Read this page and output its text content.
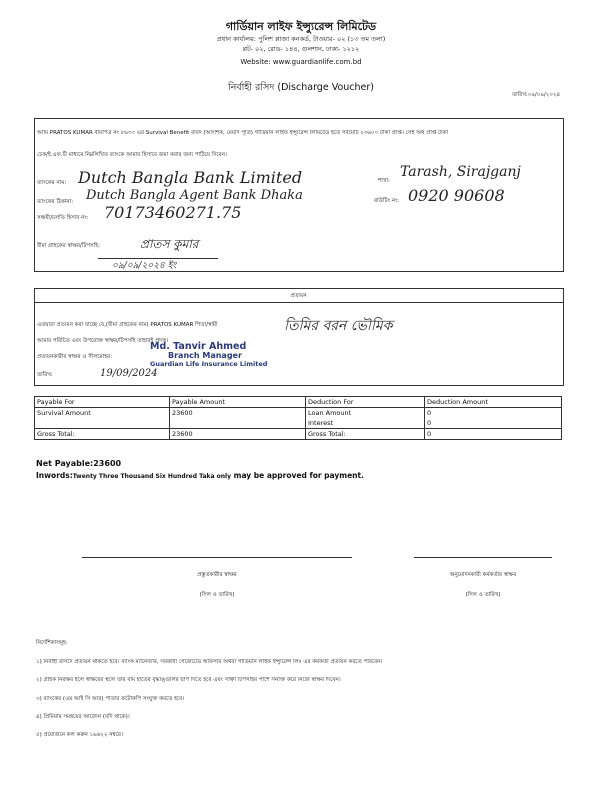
গার্ডিয়ান লাইফ ইন্স্যুরেন্স লিমিটেড
প্রধান কার্যালয়: পুলিশ প্লাজা কনকর্ড, টাওয়ার- ০২ (১৩ তম তলা)
প্লট- ০২, রোড- ১৪৪, গুলশান, ঢাকা- ১২১২
Website: www.guardianlife.com.bd
নির্বাহী রসিদ (Discharge Voucher)
তারিখ:০৯/০৯/২০২৪
আমি PRATOS KUMAR বীমাপত্র নং ৮৬৩৩ এর Survival Benefit বাবদ (আংশিক, মেয়াদ পূর্তি) গার্ডিয়ান লাইফ ইন্স্যুরেন্স লিমিটেড হতে সর্বমোট ২৩৬০০ টাকা প্রাপ্ত। সেই অর্থ প্রাপ্ত টাকা
চেক/ই.এফ.টি মাধ্যমে নিম্নলিখিত ব্যাংকে আমার হিসাবে জমা করার জন্য পাঠিয়ে দিবেন।
ব্যাংকের নাম: Dutch Bangla Bank Limited	শাখা:
Tarash, Sirajganj
ব্যাংকের ঠিকানা: Dutch Bangla Agent Bank Dhaka	রাউটিং নং: 0920 90608
সঞ্চয়ী/চলতি হিসাব নং: 70173460271.75
বীমা গ্রাহকের স্বাক্ষর/টিপসহি:	প্রাতস কুমার
০৯/০৯/২০২৪ ইং
প্রত্যয়ন
এতদ্বারা প্রত্যয়ন করা যাচ্ছে যে,(বীমা গ্রাহকের নাম) PRATOS KUMAR পিতা/স্বামী	তিমির বরন ভৌমিক
আমার পরিচিত এবং উপরোক্ত স্বাক্ষর/টিপসহি তাহারই প্রদত্ত।
প্রত্যয়নকারীর স্বাক্ষর ও সীলমোহর:
Md. Tanvir Ahmed
Branch Manager
Guardian Life Insurance Limited
তারিখ:	19/09/2024
Payable For	Payable Amount	Deduction For	Deduction Amount
Survival Amount	23600	Loan Amount	0
		Interest	0
Gross Total:	23600	Gross Total:	0
Net Payable:23600
Inwords:Twenty Three Thousand Six Hundred Taka only may be approved for payment.
প্রস্তুতকারীর স্বাক্ষর
(সিল ও তারিখ)
অনুমোদনকারী কর্মকর্তার স্বাক্ষর
(সিল ও তারিখ)
নির্দেশিকাসমূহ:
১) নির্বাহী রসিদে প্রত্যয়ন থাকতে হবে। ব্যাংক ম্যানেজার, সরকারী গেজেটেড অফিসার অথবা গার্ডিয়ান লাইফ ইন্স্যুরেন্স লিঃ এর কর্মকর্তা প্রত্যয়ন করতে পারবেন।
২) গ্রাহক নিরক্ষর হলে স্বাক্ষরের স্থলে তার বাম হাতের বৃদ্ধাঙ্গুলির ছাপ দিতে হবে এবং সাক্ষী টিপসহির পাশে সনাক্ত করে নিজে স্বাক্ষর দিবেন।
৩) ব্যাংকের (এম আই সি আর) পাতার ফটোকপি সংযুক্ত করতে হবে।
৪) প্রিমিয়াম সমন্বয়ের আবেদন (যদি থাকে)।
৫) প্রয়োজনে কল করুন ১৬৬২২ নম্বরে।
